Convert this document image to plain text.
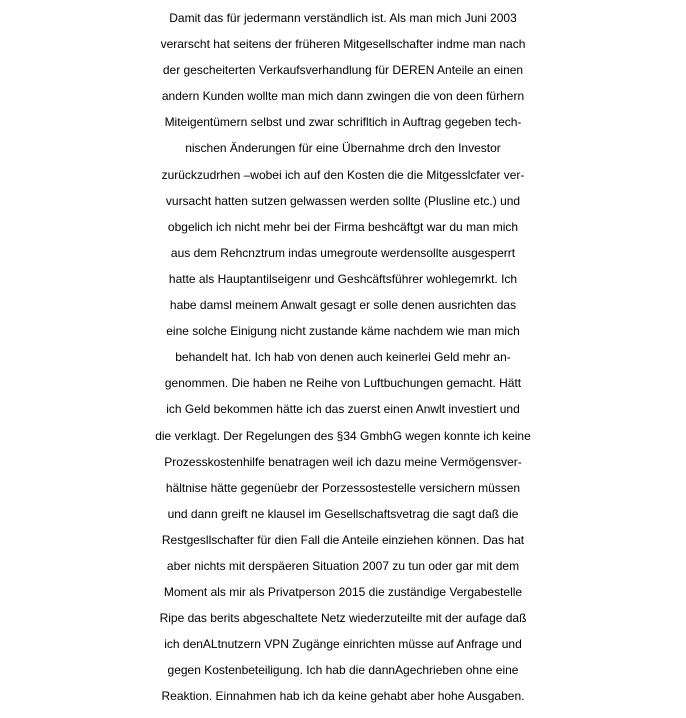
Damit das für jedermann verständlich ist. Als man mich Juni 2003
verarscht hat seitens der früheren Mitgesellschafter indme man nach
der gescheiterten Verkaufsverhandlung für DEREN Anteile an einen
andern Kunden wollte man mich dann zwingen die von deen fürhern
Miteigentümern selbst und zwar schrifltich in Auftrag gegeben tech-
nischen Änderungen für eine Übernahme drch den Investor
zurückzudrhen –wobei ich auf den Kosten die die Mitgesslcfater ver-
vursacht hatten sutzen gelwassen werden sollte (Plusline etc.) und
obgelich ich nicht mehr bei der Firma beshcäftgt war du man mich
aus dem Rehcnztrum indas umegroute werdensollte ausgesperrt
hatte als Hauptantilseigenr und Geshcäftsführer wohlegemrkt. Ich
habe damsl meinem Anwalt gesagt er solle denen ausrichten das
eine solche Einigung nicht zustande käme nachdem wie man mich
behandelt hat. Ich hab von denen auch keinerlei Geld mehr an-
genommen. Die haben ne Reihe von Luftbuchungen gemacht. Hätt
ich Geld bekommen hätte ich das zuerst einen Anwlt investiert und
die verklagt. Der Regelungen des §34 GmbhG wegen konnte ich keine
Prozesskostenhilfe benatragen weil ich dazu meine Vermögensver-
hältnise hätte gegenüebr der Porzessostestelle versichern müssen
und dann greift ne klausel im Gesellschaftsvetrag die sagt daß die
Restgesllschafter für dien Fall die Anteile einziehen können. Das hat
aber nichts mit derspäeren Situation 2007 zu tun oder gar mit dem
Moment als mir als Privatperson 2015 die zuständige Vergabestelle
Ripe das berits abgeschaltete Netz wiederzuteilte mit der aufage daß
ich denALtnutzern VPN Zugänge einrichten müsse auf Anfrage und
gegen Kostenbeteiligung. Ich hab die dannAgechrieben ohne eine
Reaktion. Einnahmen hab ich da keine gehabt aber hohe Ausgaben.
